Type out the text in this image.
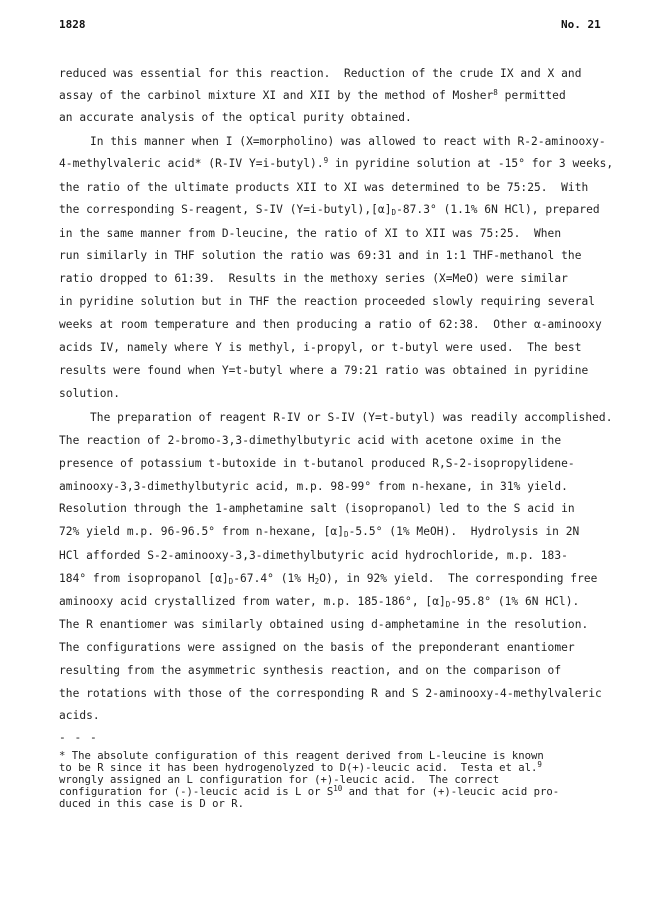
1828	No. 21
reduced was essential for this reaction.  Reduction of the crude IX and X and
assay of the carbinol mixture XI and XII by the method of Mosher$^8$ permitted
an accurate analysis of the optical purity obtained.
In this manner when I (X=morpholino) was allowed to react with R-2-aminooxy-
4-methylvaleric acid* (R-IV Y=i-butyl).$^9$ in pyridine solution at -15° for 3 weeks,
the ratio of the ultimate products XII to XI was determined to be 75:25.  With
the corresponding S-reagent, S-IV $(Y=i-butyl),[\alpha]_D-87.3^\circ$ (1.1% 6N HCl), prepared
in the same manner from D-leucine, the ratio of XI to XII was 75:25.  When
run similarly in THF solution the ratio was 69:31 and in 1:1 THF-methanol the
ratio dropped to 61:39.  Results in the methoxy series (X=MeO) were similar
in pyridine solution but in THF the reaction proceeded slowly requiring several
weeks at room temperature and then producing a ratio of 62:38.  Other α-aminooxy
acids IV, namely where Y is methyl, i-propyl, or t-butyl were used.  The best
results were found when Y=t-butyl where a 79:21 ratio was obtained in pyridine
solution.
The preparation of reagent R-IV or S-IV (Y=t-butyl) was readily accomplished.
The reaction of 2-bromo-3,3-dimethylbutyric acid with acetone oxime in the
presence of potassium t-butoxide in t-butanol produced R,S-2-isopropylidene-
aminooxy-3,3-dimethylbutyric acid, m.p. 98-99° from n-hexane, in 31% yield.
Resolution through the 1-amphetamine salt (isopropanol) led to the S acid in
72% yield m.p. 96-96.5° from n-hexane, $[\alpha]_D-5.5^\circ$ (1% MeOH).  Hydrolysis in 2N
HCl afforded S-2-aminooxy-3,3-dimethylbutyric acid hydrochloride, m.p. 183-
184° from isopropanol $[\alpha]_D-67.4^\circ$ (1% $H_2O$), in 92% yield.  The corresponding free
aminooxy acid crystallized from water, m.p. 185-186°, $[\alpha]_D-95.8^\circ$ (1% 6N HCl).
The R enantiomer was similarly obtained using d-amphetamine in the resolution.
The configurations were assigned on the basis of the preponderant enantiomer
resulting from the asymmetric synthesis reaction, and on the comparison of
the rotations with those of the corresponding R and S 2-aminooxy-4-methylvaleric
acids.
- - -
* The absolute configuration of this reagent derived from L-leucine is known
to be R since it has been hydrogenolyzed to D(+)-leucic acid.  Testa et al.$^9$
wrongly assigned an L configuration for (+)-leucic acid.  The correct
configuration for (-)-leucic acid is L or $S^{10}$ and that for (+)-leucic acid pro-
duced in this case is D or R.
